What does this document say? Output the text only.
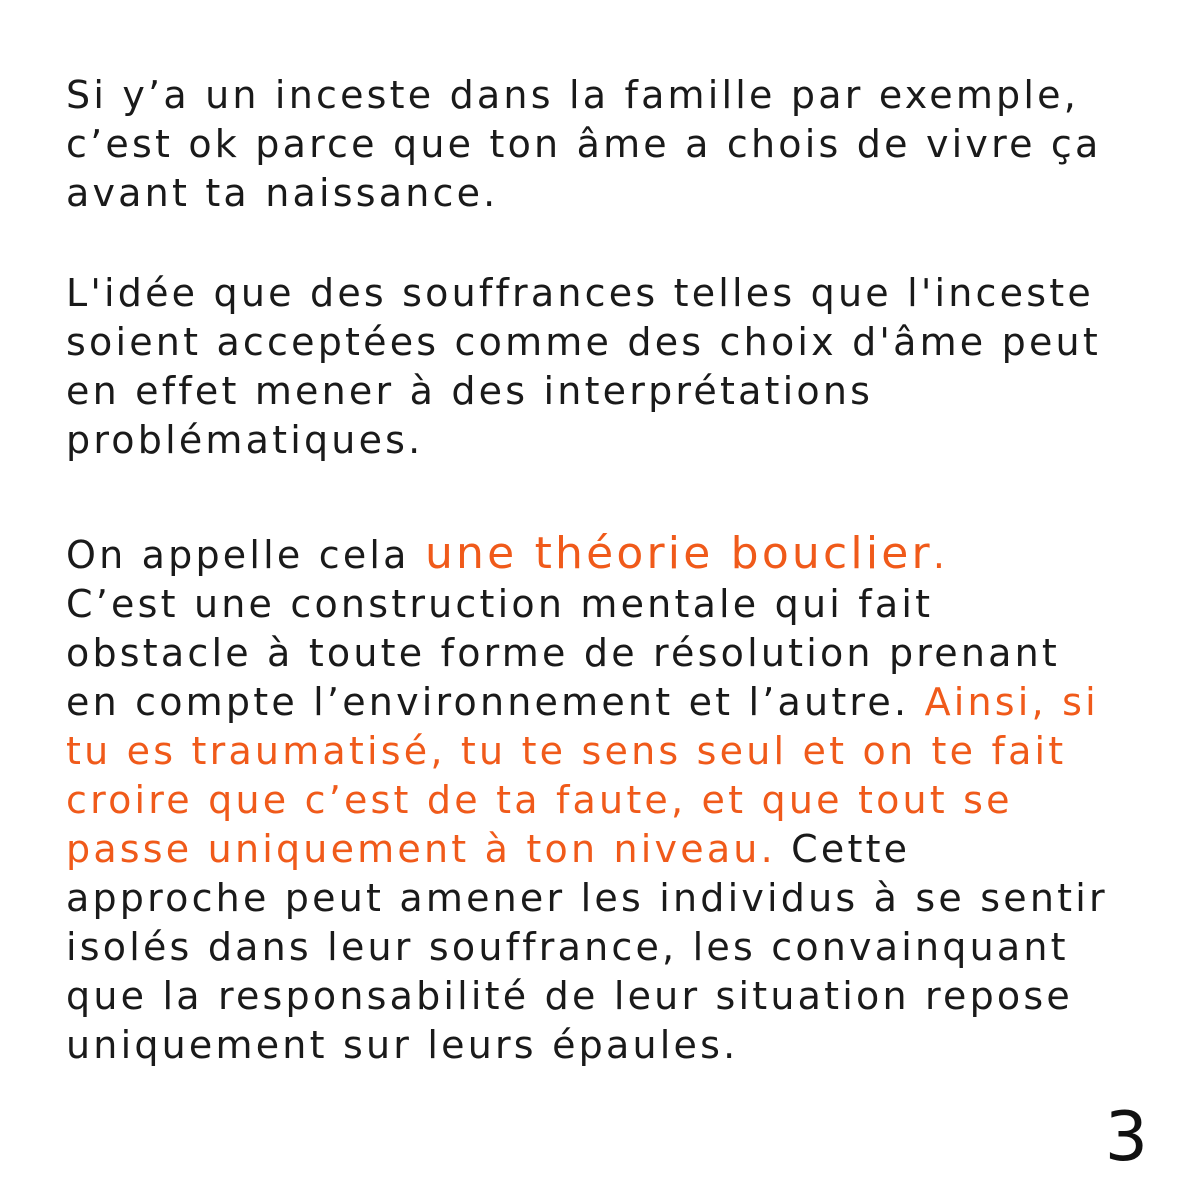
Si y’a un inceste dans la famille par exemple,
c’est ok parce que ton âme a chois de vivre ça
avant ta naissance.

L'idée que des souffrances telles que l'inceste
soient acceptées comme des choix d'âme peut
en effet mener à des interprétations
problématiques.

On appelle cela une théorie bouclier.
C’est une construction mentale qui fait
obstacle à toute forme de résolution prenant
en compte l’environnement et l’autre. Ainsi, si
tu es traumatisé, tu te sens seul et on te fait
croire que c’est de ta faute, et que tout se
passe uniquement à ton niveau. Cette
approche peut amener les individus à se sentir
isolés dans leur souffrance, les convainquant
que la responsabilité de leur situation repose
uniquement sur leurs épaules.

3
